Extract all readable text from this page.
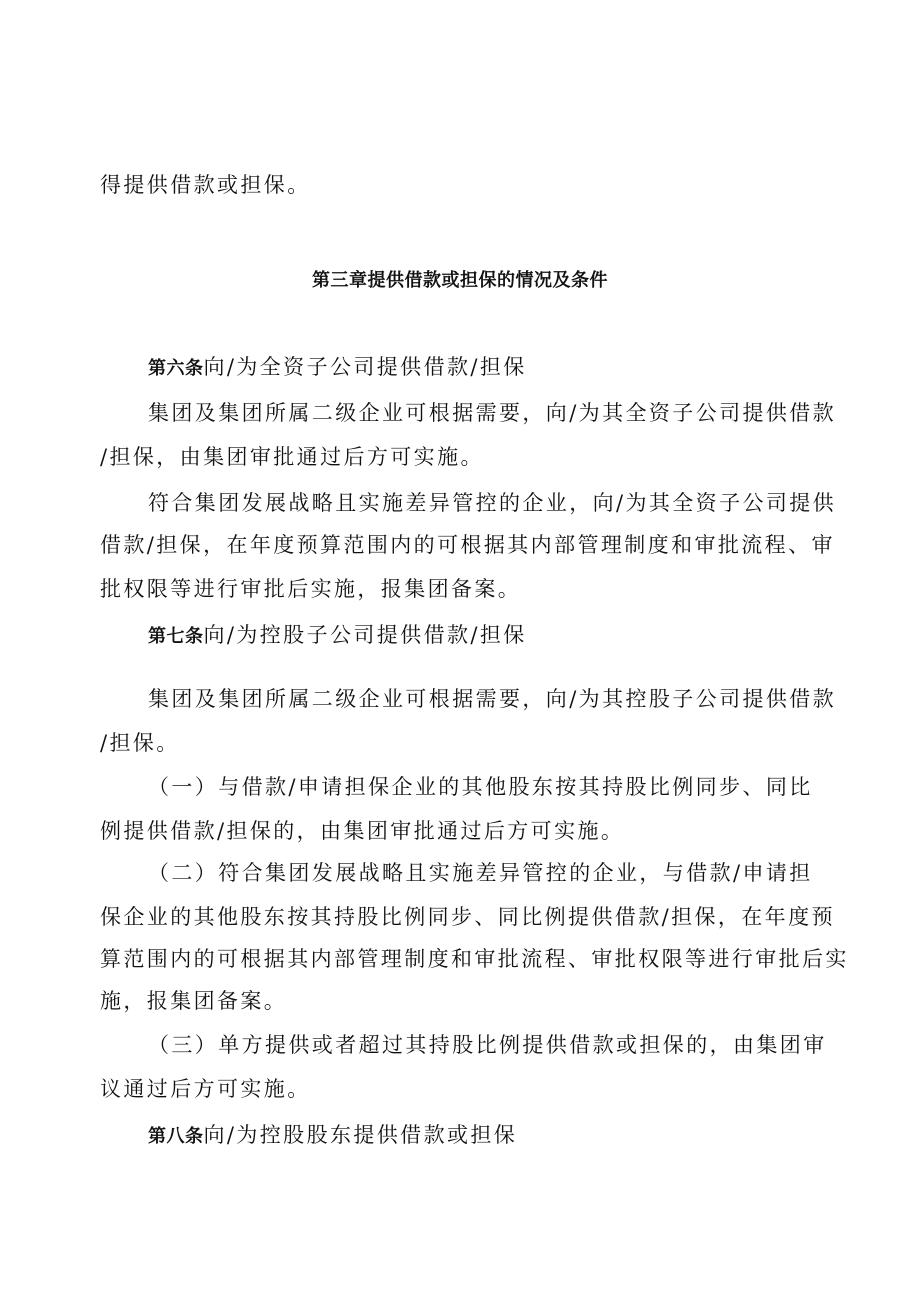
得提供借款或担保。
第三章提供借款或担保的情况及条件
第六条向/为全资子公司提供借款/担保
集团及集团所属二级企业可根据需要，向/为其全资子公司提供借款
/担保，由集团审批通过后方可实施。
符合集团发展战略且实施差异管控的企业，向/为其全资子公司提供
借款/担保，在年度预算范围内的可根据其内部管理制度和审批流程、审
批权限等进行审批后实施，报集团备案。
第七条向/为控股子公司提供借款/担保
集团及集团所属二级企业可根据需要，向/为其控股子公司提供借款
/担保。
（一）与借款/申请担保企业的其他股东按其持股比例同步、同比
例提供借款/担保的，由集团审批通过后方可实施。
（二）符合集团发展战略且实施差异管控的企业，与借款/申请担
保企业的其他股东按其持股比例同步、同比例提供借款/担保，在年度预
算范围内的可根据其内部管理制度和审批流程、审批权限等进行审批后实
施，报集团备案。
（三）单方提供或者超过其持股比例提供借款或担保的，由集团审
议通过后方可实施。
第八条向/为控股股东提供借款或担保
